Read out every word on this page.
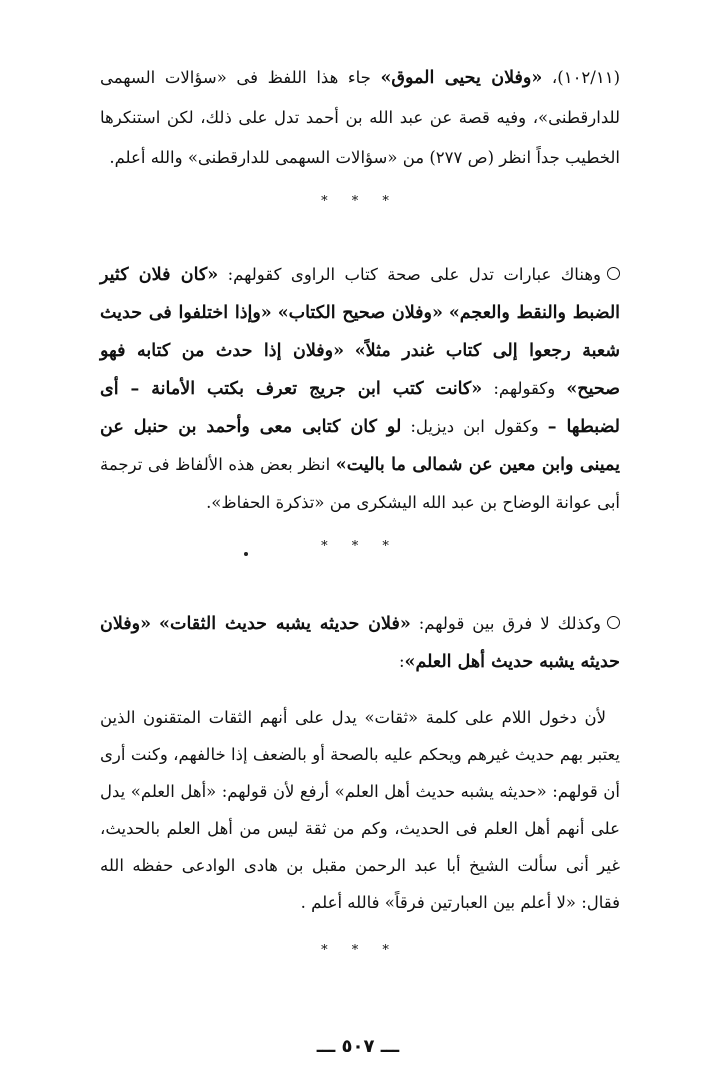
(١٠٢/١١)، «وفلان يحيى الموق» جاء هذا اللفظ فى «سؤالات السهمى للدارقطنى»، وفيه قصة عن عبد الله بن أحمد تدل على ذلك، لكن استنكرها الخطيب جداً انظر (ص ٢٧٧) من «سؤالات السهمى للدارقطنى» والله أعلم.

* * *

وهناك عبارات تدل على صحة كتاب الراوى كقولهم: «كان فلان كثير الضبط والنقط والعجم» «وفلان صحيح الكتاب» «وإذا اختلفوا فى حديث شعبة رجعوا إلى كتاب غندر مثلاً» «وفلان إذا حدث من كتابه فهو صحيح» وكقولهم: «كانت كتب ابن جريج تعرف بكتب الأمانة – أى لضبطها – وكقول ابن ديزيل: لو كان كتابى معى وأحمد بن حنبل عن يمينى وابن معين عن شمالى ما باليت» انظر بعض هذه الألفاظ فى ترجمة أبى عوانة الوضاح بن عبد الله اليشكرى من «تذكرة الحفاظ».

* * *

وكذلك لا فرق بين قولهم: «فلان حديثه يشبه حديث الثقات» «وفلان حديثه يشبه حديث أهل العلم»:

لأن دخول اللام على كلمة «ثقات» يدل على أنهم الثقات المتقنون الذين يعتبر بهم حديث غيرهم ويحكم عليه بالصحة أو بالضعف إذا خالفهم، وكنت أرى أن قولهم: «حديثه يشبه حديث أهل العلم» أرفع لأن قولهم: «أهل العلم» يدل على أنهم أهل العلم فى الحديث، وكم من ثقة ليس من أهل العلم بالحديث، غير أنى سألت الشيخ أبا عبد الرحمن مقبل بن هادى الوادعى حفظه الله فقال: «لا أعلم بين العبارتين فرقاً» فالله أعلم .

* * *

ـــ ٥٠٧ ـــ
